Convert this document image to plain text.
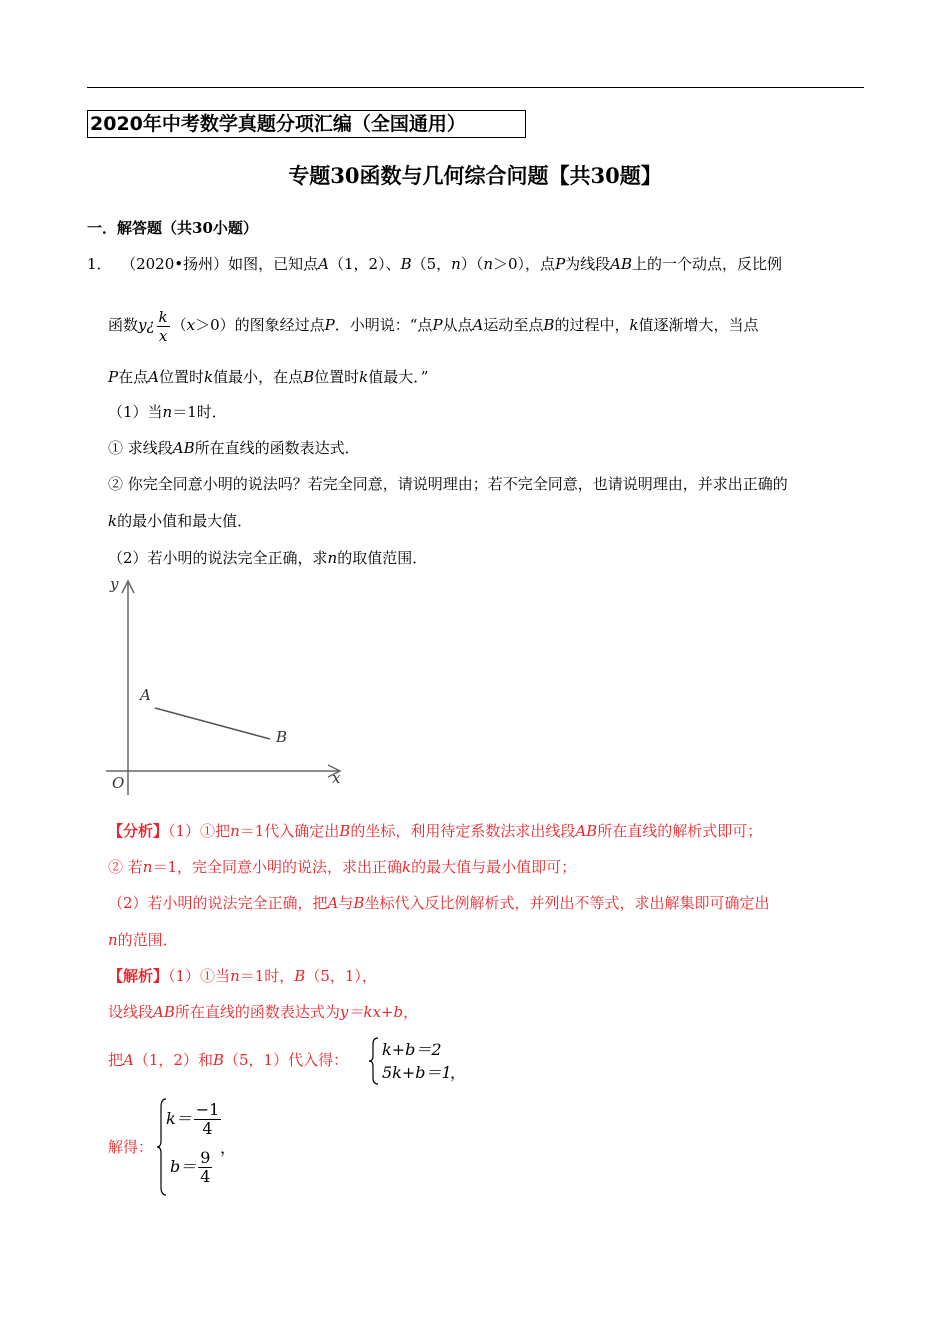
2020年中考数学真题分项汇编（全国通用）
专题30函数与几何综合问题【共30题】
一．解答题（共30小题）
1． （2020•扬州）如图，已知点A（1，2）、B（5，n）（n＞0），点P为线段AB上的一个动点，反比例
函数y¿ $\frac{k}{x} (x>0)$的图象经过点P．小明说：“点P从点A运动至点B的过程中，k值逐渐增大，当点
P在点A位置时k值最小，在点B位置时k值最大．”
（1）当n＝1时．
① 求线段AB所在直线的函数表达式．
② 你完全同意小明的说法吗？若完全同意，请说明理由；若不完全同意，也请说明理由，并求出正确的
k的最小值和最大值．
（2）若小明的说法完全正确，求n的取值范围．
y
x
O
A
B
【分析】（1）①把n＝1代入确定出B的坐标，利用待定系数法求出线段AB所在直线的解析式即可；
② 若n＝1，完全同意小明的说法，求出正确k的最大值与最小值即可；
（2）若小明的说法完全正确，把A与B坐标代入反比例解析式，并列出不等式，求出解集即可确定出
n的范围．
【解析】（1）①当n＝1时，B（5，1），
设线段AB所在直线的函数表达式为y＝kx+b，
把A（1，2）和B（5，1）代入得：
k+b＝2
5k+b＝1
，
解得：
$k= \frac{-1}{4}$
$b= \frac{9}{4}$
，
